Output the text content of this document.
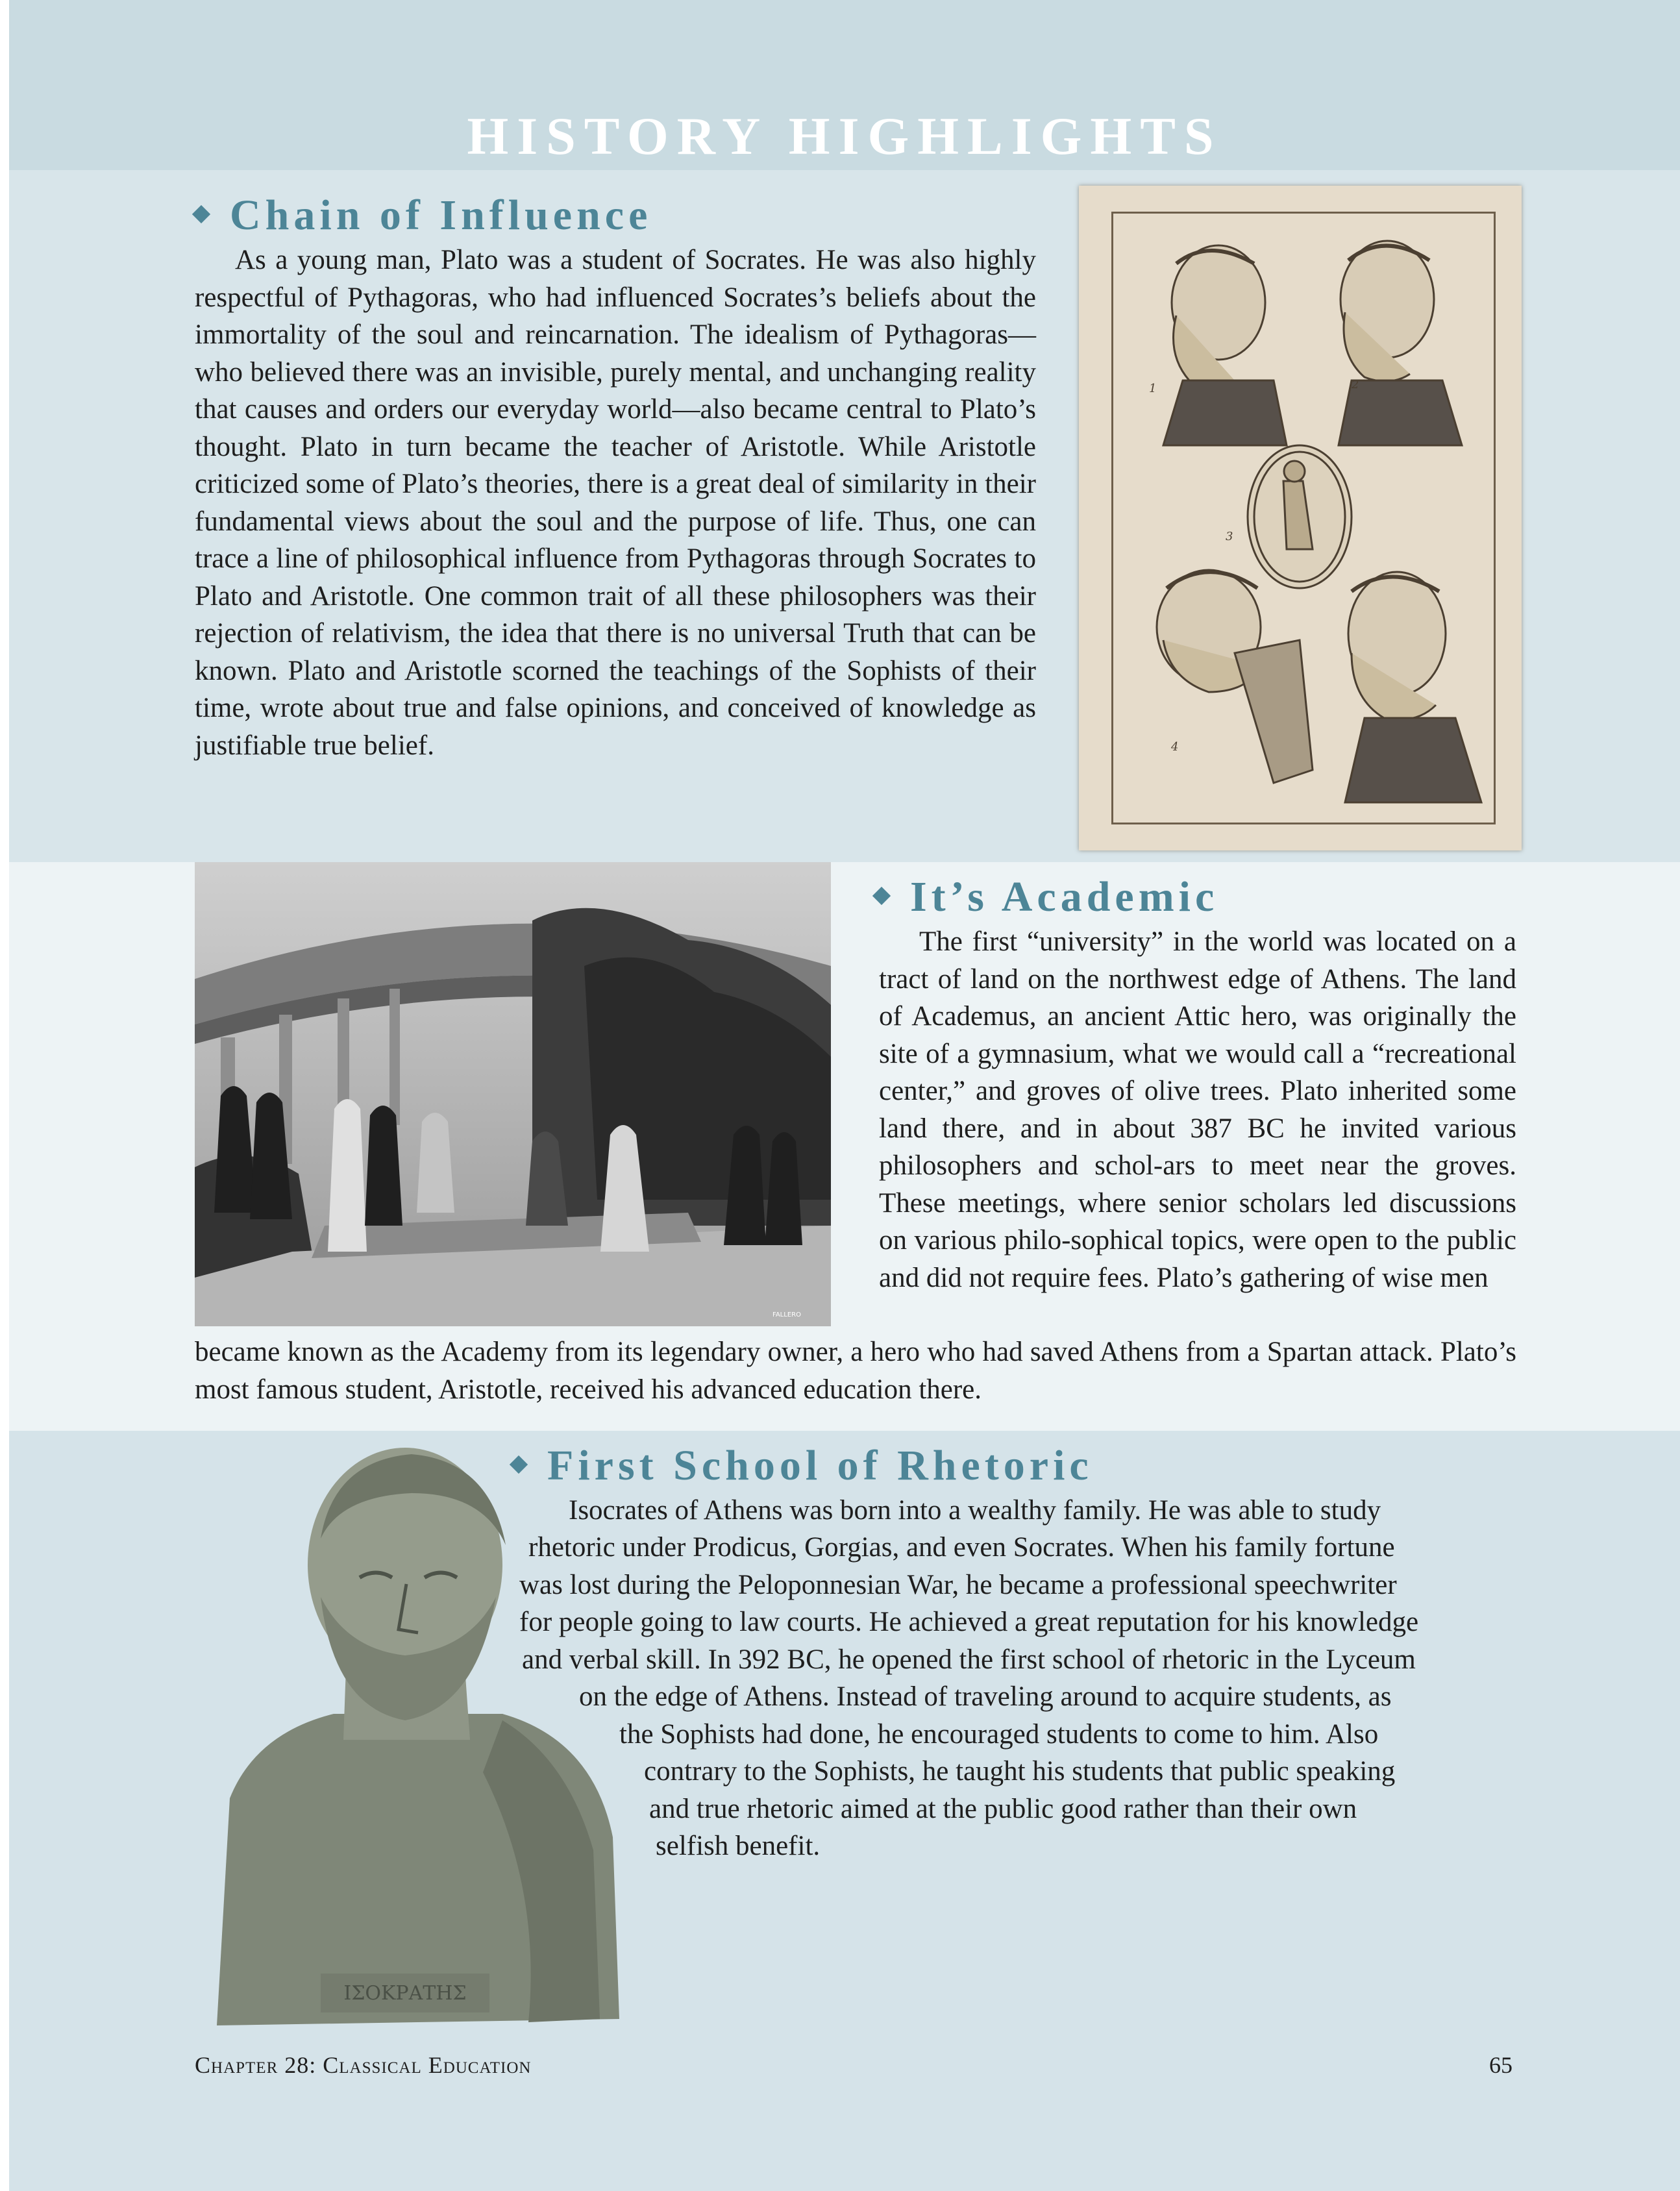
HISTORY HIGHLIGHTS
Chain of Influence

As a young man, Plato was a student of Socrates. He was also highly respectful of Pythagoras, who had influenced Socrates’s beliefs about the immortality of the soul and reincarnation. The idealism of Pythagoras—who believed there was an invisible, purely mental, and unchanging reality that causes and orders our everyday world—also became central to Plato’s thought. Plato in turn became the teacher of Aristotle. While Aristotle criticized some of Plato’s theories, there is a great deal of similarity in their fundamental views about the soul and the purpose of life. Thus, one can trace a line of philosophical influence from Pythagoras through Socrates to Plato and Aristotle. One common trait of all these philosophers was their rejection of relativism, the idea that there is no universal Truth that can be known. Plato and Aristotle scorned the teachings of the Sophists of their time, wrote about true and false opinions, and conceived of knowledge as justifiable true belief.

1	2
3
4
FALLERO
It’s Academic

The first “university” in the world was located on a tract of land on the northwest edge of Athens. The land of Academus, an ancient Attic hero, was originally the site of a gymnasium, what we would call a “recreational center,” and groves of olive trees. Plato inherited some land there, and in about 387 BC he invited various philosophers and schol-ars to meet near the groves. These meetings, where senior scholars led discussions on various philo-sophical topics, were open to the public and did not require fees. Plato’s gathering of wise men

became known as the Academy from its legendary owner, a hero who had saved Athens from a Spartan attack. Plato’s most famous student, Aristotle, received his advanced education there.

ΙΣΟΚΡΑΤΗΣ
First School of Rhetoric

Isocrates of Athens was born into a wealthy family. He was able to study

rhetoric under Prodicus, Gorgias, and even Socrates. When his family fortune

was lost during the Peloponnesian War, he became a professional speechwriter

for people going to law courts. He achieved a great reputation for his knowledge

and verbal skill. In 392 BC, he opened the first school of rhetoric in the Lyceum

on the edge of Athens. Instead of traveling around to acquire students, as

the Sophists had done, he encouraged students to come to him. Also

contrary to the Sophists, he taught his students that public speaking

and true rhetoric aimed at the public good rather than their own

selfish benefit.

Chapter 28: Classical Education	65
